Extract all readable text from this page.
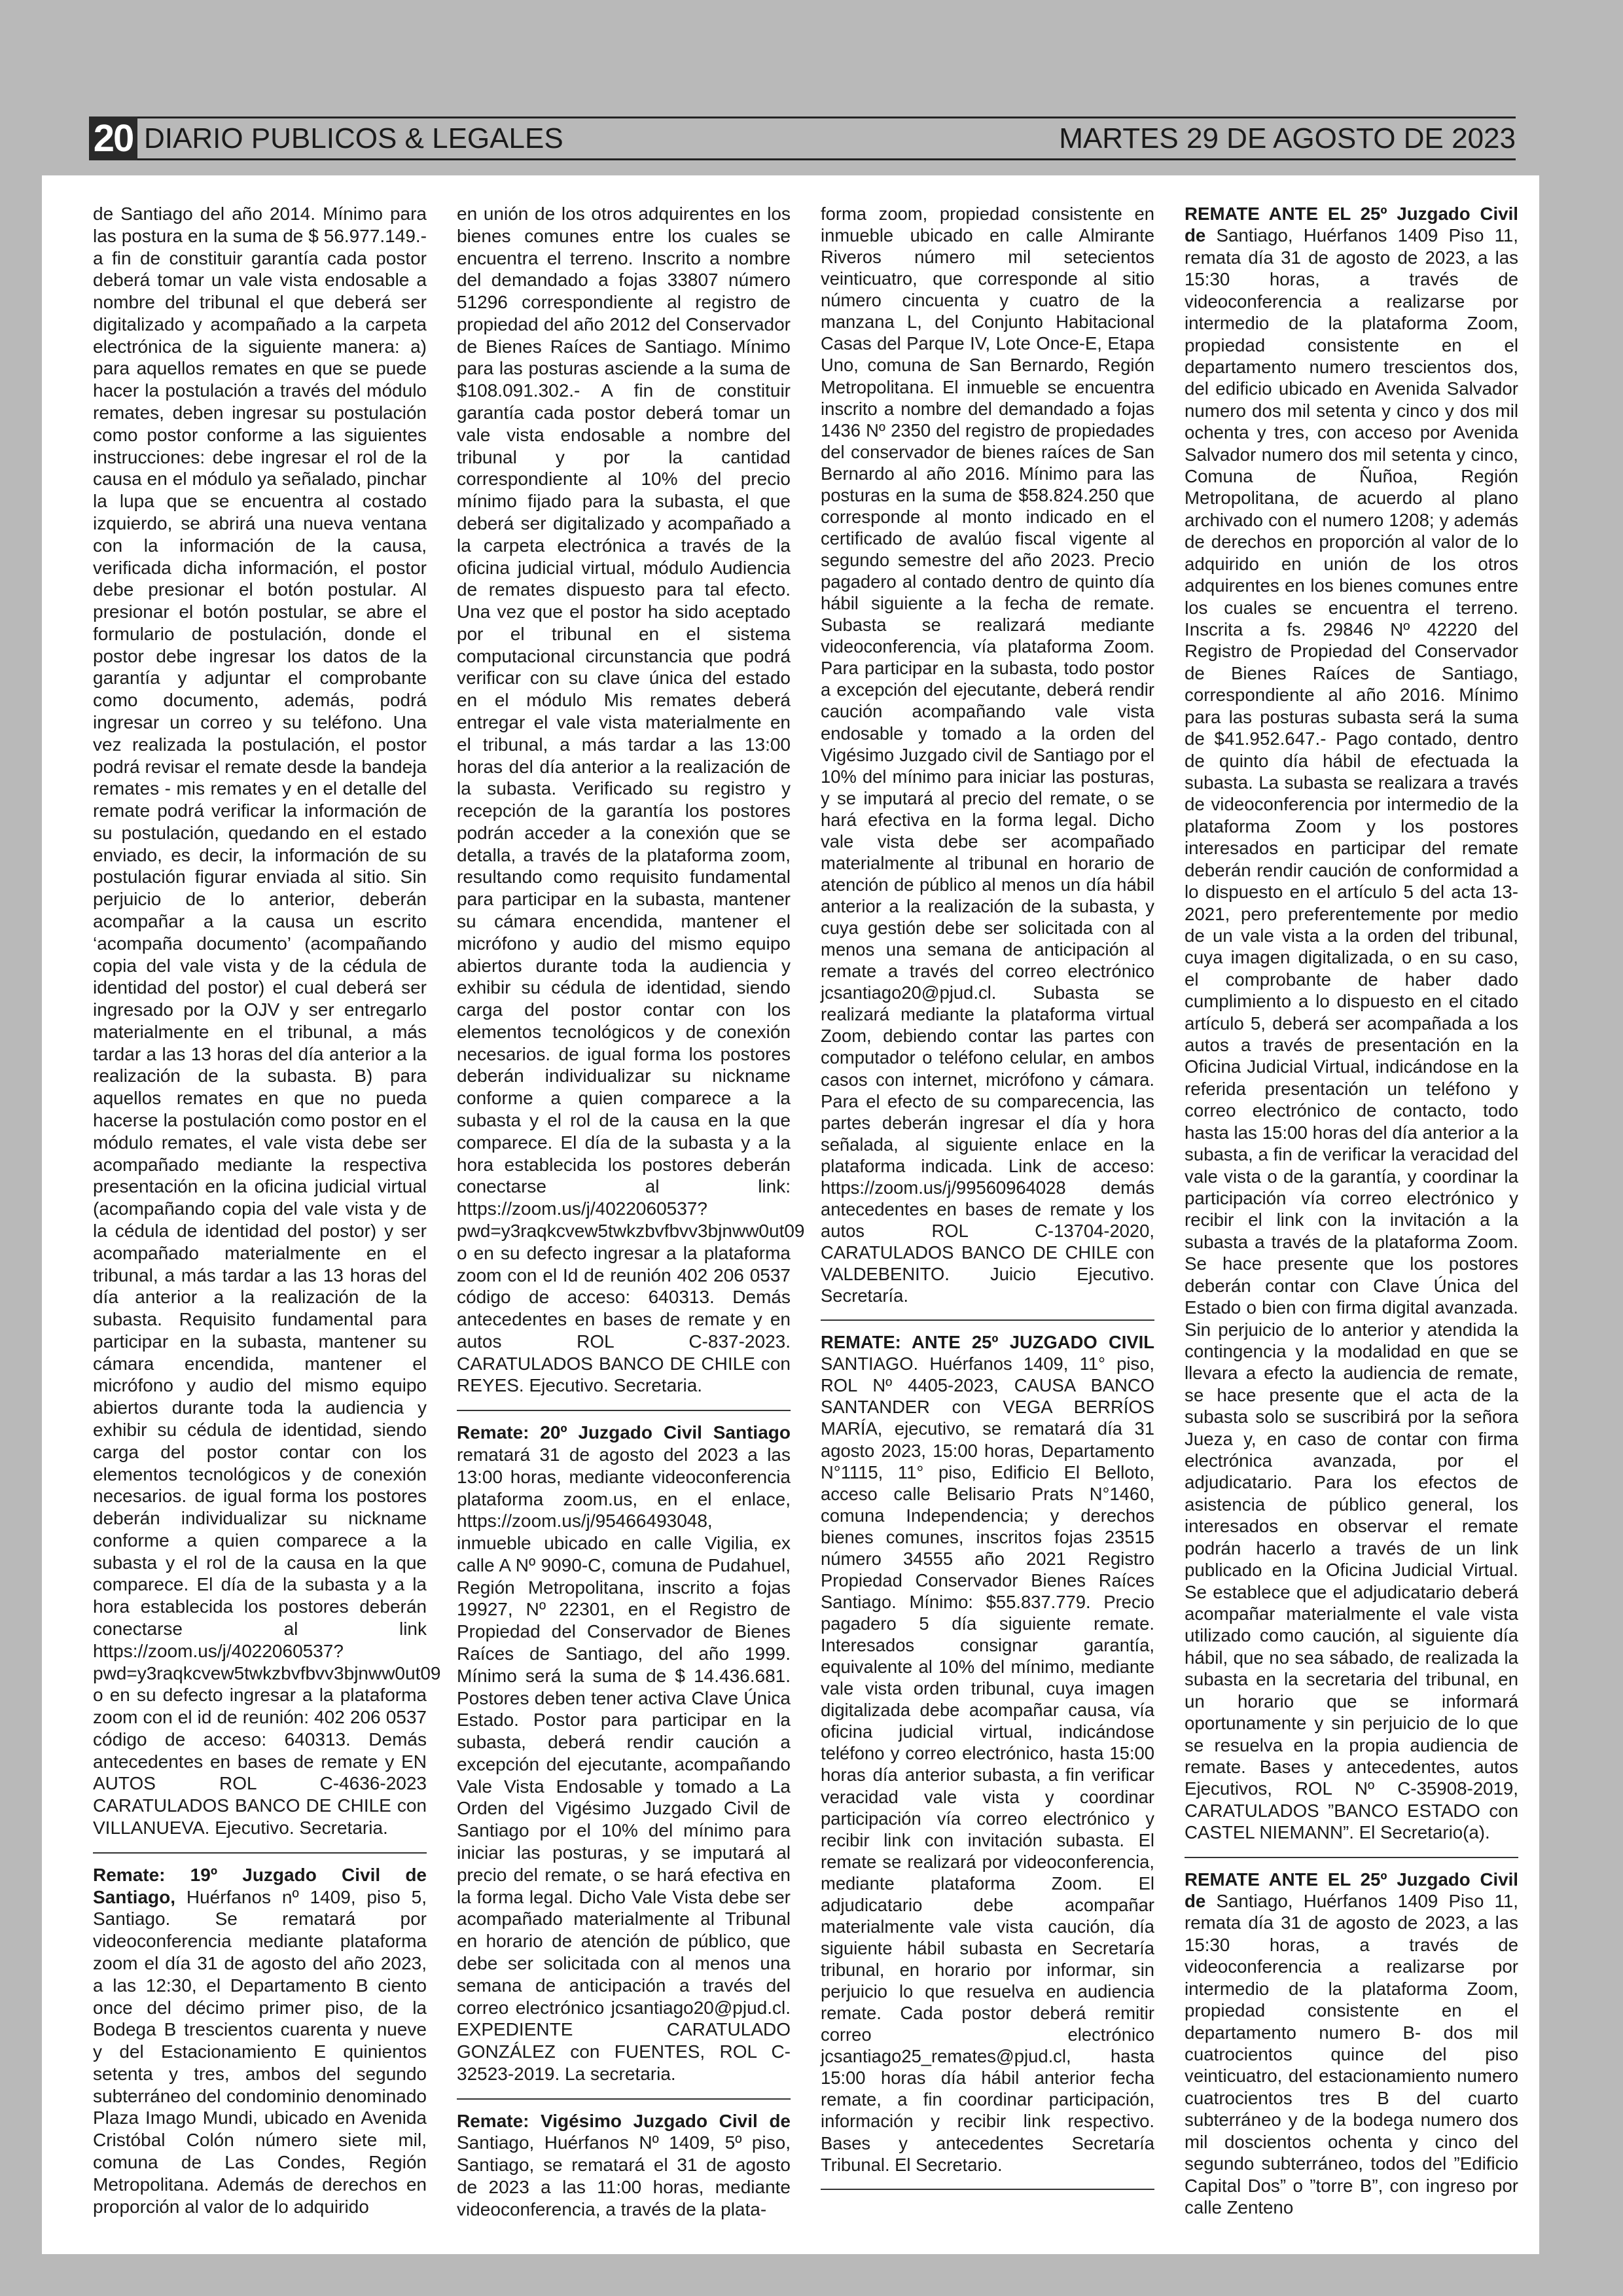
20 DIARIO PUBLICOS & LEGALES	MARTES 29 DE AGOSTO DE 2023

de Santiago del año 2014. Mínimo para las postura en la suma de $ 56.977.149.- a fin de constituir garantía cada postor deberá tomar un vale vista endosable a nombre del tribunal el que deberá ser digitalizado y acompañado a la carpeta electrónica de la siguiente manera: a) para aquellos remates en que se puede hacer la postulación a través del módulo remates, deben ingresar su postulación como postor conforme a las siguientes instrucciones: debe ingresar el rol de la causa en el módulo ya señalado, pinchar la lupa que se encuentra al costado izquierdo, se abrirá una nueva ventana con la información de la causa, verificada dicha información, el postor debe presionar el botón postular. Al presionar el botón postular, se abre el formulario de postulación, donde el postor debe ingresar los datos de la garantía y adjuntar el comprobante como documento, además, podrá ingresar un correo y su teléfono. Una vez realizada la postulación, el postor podrá revisar el remate desde la bandeja remates - mis remates y en el detalle del remate podrá verificar la información de su postulación, quedando en el estado enviado, es decir, la información de su postulación figurar enviada al sitio. Sin perjuicio de lo anterior, deberán acompañar a la causa un escrito ‘acompaña documento’ (acompañando copia del vale vista y de la cédula de identidad del postor) el cual deberá ser ingresado por la OJV y ser entregarlo materialmente en el tribunal, a más tardar a las 13 horas del día anterior a la realización de la subasta. B) para aquellos remates en que no pueda hacerse la postulación como postor en el módulo remates, el vale vista debe ser acompañado mediante la respectiva presentación en la oficina judicial virtual (acompañando copia del vale vista y de la cédula de identidad del postor) y ser acompañado materialmente en el tribunal, a más tardar a las 13 horas del día anterior a la realización de la subasta. Requisito fundamental para participar en la subasta, mantener su cámara encendida, mantener el micrófono y audio del mismo equipo abiertos durante toda la audiencia y exhibir su cédula de identidad, siendo carga del postor contar con los elementos tecnológicos y de conexión necesarios. de igual forma los postores deberán individualizar su nickname conforme a quien comparece a la subasta y el rol de la causa en la que comparece. El día de la subasta y a la hora establecida los postores deberán conectarse al link https://zoom.us/j/4022060537?pwd=y3raqkcvew5twkzbvfbvv3bjnww0ut09 o en su defecto ingresar a la plataforma zoom con el id de reunión: 402 206 0537 código de acceso: 640313. Demás antecedentes en bases de remate y EN AUTOS ROL C-4636-2023 CARATULADOS BANCO DE CHILE con VILLANUEVA. Ejecutivo. Secretaria.

Remate: 19º Juzgado Civil de Santiago, Huérfanos nº 1409, piso 5, Santiago. Se rematará por videoconferencia mediante plataforma zoom el día 31 de agosto del año 2023, a las 12:30, el Departamento B ciento once del décimo primer piso, de la Bodega B trescientos cuarenta y nueve y del Estacionamiento E quinientos setenta y tres, ambos del segundo subterráneo del condominio denominado Plaza Imago Mundi, ubicado en Avenida Cristóbal Colón número siete mil, comuna de Las Condes, Región Metropolitana. Además de derechos en proporción al valor de lo adquirido

en unión de los otros adquirentes en los bienes comunes entre los cuales se encuentra el terreno. Inscrito a nombre del demandado a fojas 33807 número 51296 correspondiente al registro de propiedad del año 2012 del Conservador de Bienes Raíces de Santiago. Mínimo para las posturas asciende a la suma de $108.091.302.- A fin de constituir garantía cada postor deberá tomar un vale vista endosable a nombre del tribunal y por la cantidad correspondiente al 10% del precio mínimo fijado para la subasta, el que deberá ser digitalizado y acompañado a la carpeta electrónica a través de la oficina judicial virtual, módulo Audiencia de remates dispuesto para tal efecto. Una vez que el postor ha sido aceptado por el tribunal en el sistema computacional circunstancia que podrá verificar con su clave única del estado en el módulo Mis remates deberá entregar el vale vista materialmente en el tribunal, a más tardar a las 13:00 horas del día anterior a la realización de la subasta. Verificado su registro y recepción de la garantía los postores podrán acceder a la conexión que se detalla, a través de la plataforma zoom, resultando como requisito fundamental para participar en la subasta, mantener su cámara encendida, mantener el micrófono y audio del mismo equipo abiertos durante toda la audiencia y exhibir su cédula de identidad, siendo carga del postor contar con los elementos tecnológicos y de conexión necesarios. de igual forma los postores deberán individualizar su nickname conforme a quien comparece a la subasta y el rol de la causa en la que comparece. El día de la subasta y a la hora establecida los postores deberán conectarse al link: https://zoom.us/j/4022060537?pwd=y3raqkcvew5twkzbvfbvv3bjnww0ut09 o en su defecto ingresar a la plataforma zoom con el Id de reunión 402 206 0537 código de acceso: 640313. Demás antecedentes en bases de remate y en autos ROL C-837-2023. CARATULADOS BANCO DE CHILE con REYES. Ejecutivo. Secretaria.

Remate: 20º Juzgado Civil Santiago rematará 31 de agosto del 2023 a las 13:00 horas, mediante videoconferencia plataforma zoom.us, en el enlace, https://zoom.us/j/95466493048, inmueble ubicado en calle Vigilia, ex calle A Nº 9090-C, comuna de Pudahuel, Región Metropolitana, inscrito a fojas 19927, Nº 22301, en el Registro de Propiedad del Conservador de Bienes Raíces de Santiago, del año 1999. Mínimo será la suma de $ 14.436.681. Postores deben tener activa Clave Única Estado. Postor para participar en la subasta, deberá rendir caución a excepción del ejecutante, acompañando Vale Vista Endosable y tomado a La Orden del Vigésimo Juzgado Civil de Santiago por el 10% del mínimo para iniciar las posturas, y se imputará al precio del remate, o se hará efectiva en la forma legal. Dicho Vale Vista debe ser acompañado materialmente al Tribunal en horario de atención de público, que debe ser solicitada con al menos una semana de anticipación a través del correo electrónico jcsantiago20@pjud.cl. EXPEDIENTE CARATULADO GONZÁLEZ con FUENTES, ROL C-32523-2019. La secretaria.

Remate: Vigésimo Juzgado Civil de Santiago, Huérfanos Nº 1409, 5º piso, Santiago, se rematará el 31 de agosto de 2023 a las 11:00 horas, mediante videoconferencia, a través de la plata-

forma zoom, propiedad consistente en inmueble ubicado en calle Almirante Riveros número mil setecientos veinticuatro, que corresponde al sitio número cincuenta y cuatro de la manzana L, del Conjunto Habitacional Casas del Parque IV, Lote Once-E, Etapa Uno, comuna de San Bernardo, Región Metropolitana. El inmueble se encuentra inscrito a nombre del demandado a fojas 1436 Nº 2350 del registro de propiedades del conservador de bienes raíces de San Bernardo al año 2016. Mínimo para las posturas en la suma de $58.824.250 que corresponde al monto indicado en el certificado de avalúo fiscal vigente al segundo semestre del año 2023. Precio pagadero al contado dentro de quinto día hábil siguiente a la fecha de remate. Subasta se realizará mediante videoconferencia, vía plataforma Zoom. Para participar en la subasta, todo postor a excepción del ejecutante, deberá rendir caución acompañando vale vista endosable y tomado a la orden del Vigésimo Juzgado civil de Santiago por el 10% del mínimo para iniciar las posturas, y se imputará al precio del remate, o se hará efectiva en la forma legal. Dicho vale vista debe ser acompañado materialmente al tribunal en horario de atención de público al menos un día hábil anterior a la realización de la subasta, y cuya gestión debe ser solicitada con al menos una semana de anticipación al remate a través del correo electrónico jcsantiago20@pjud.cl. Subasta se realizará mediante la plataforma virtual Zoom, debiendo contar las partes con computador o teléfono celular, en ambos casos con internet, micrófono y cámara. Para el efecto de su comparecencia, las partes deberán ingresar el día y hora señalada, al siguiente enlace en la plataforma indicada. Link de acceso: https://zoom.us/j/99560964028 demás antecedentes en bases de remate y los autos ROL C-13704-2020, CARATULADOS BANCO DE CHILE con VALDEBENITO. Juicio Ejecutivo. Secretaría.

REMATE: ANTE 25º JUZGADO CIVIL SANTIAGO. Huérfanos 1409, 11° piso, ROL Nº 4405-2023, CAUSA BANCO SANTANDER con VEGA BERRÍOS MARÍA, ejecutivo, se rematará día 31 agosto 2023, 15:00 horas, Departamento N°1115, 11° piso, Edificio El Belloto, acceso calle Belisario Prats N°1460, comuna Independencia; y derechos bienes comunes, inscritos fojas 23515 número 34555 año 2021 Registro Propiedad Conservador Bienes Raíces Santiago. Mínimo: $55.837.779. Precio pagadero 5 día siguiente remate. Interesados consignar garantía, equivalente al 10% del mínimo, mediante vale vista orden tribunal, cuya imagen digitalizada debe acompañar causa, vía oficina judicial virtual, indicándose teléfono y correo electrónico, hasta 15:00 horas día anterior subasta, a fin verificar veracidad vale vista y coordinar participación vía correo electrónico y recibir link con invitación subasta. El remate se realizará por videoconferencia, mediante plataforma Zoom. El adjudicatario debe acompañar materialmente vale vista caución, día siguiente hábil subasta en Secretaría tribunal, en horario por informar, sin perjuicio lo que resuelva en audiencia remate. Cada postor deberá remitir correo electrónico jcsantiago25_remates@pjud.cl, hasta 15:00 horas día hábil anterior fecha remate, a fin coordinar participación, información y recibir link respectivo. Bases y antecedentes Secretaría Tribunal. El Secretario.

REMATE ANTE EL 25º Juzgado Civil de Santiago, Huérfanos 1409 Piso 11, remata día 31 de agosto de 2023, a las 15:30 horas, a través de videoconferencia a realizarse por intermedio de la plataforma Zoom, propiedad consistente en el departamento numero trescientos dos, del edificio ubicado en Avenida Salvador numero dos mil setenta y cinco y dos mil ochenta y tres, con acceso por Avenida Salvador numero dos mil setenta y cinco, Comuna de Ñuñoa, Región Metropolitana, de acuerdo al plano archivado con el numero 1208; y además de derechos en proporción al valor de lo adquirido en unión de los otros adquirentes en los bienes comunes entre los cuales se encuentra el terreno. Inscrita a fs. 29846 Nº 42220 del Registro de Propiedad del Conservador de Bienes Raíces de Santiago, correspondiente al año 2016. Mínimo para las posturas subasta será la suma de $41.952.647.- Pago contado, dentro de quinto día hábil de efectuada la subasta. La subasta se realizara a través de videoconferencia por intermedio de la plataforma Zoom y los postores interesados en participar del remate deberán rendir caución de conformidad a lo dispuesto en el artículo 5 del acta 13-2021, pero preferentemente por medio de un vale vista a la orden del tribunal, cuya imagen digitalizada, o en su caso, el comprobante de haber dado cumplimiento a lo dispuesto en el citado artículo 5, deberá ser acompañada a los autos a través de presentación en la Oficina Judicial Virtual, indicándose en la referida presentación un teléfono y correo electrónico de contacto, todo hasta las 15:00 horas del día anterior a la subasta, a fin de verificar la veracidad del vale vista o de la garantía, y coordinar la participación vía correo electrónico y recibir el link con la invitación a la subasta a través de la plataforma Zoom. Se hace presente que los postores deberán contar con Clave Única del Estado o bien con firma digital avanzada. Sin perjuicio de lo anterior y atendida la contingencia y la modalidad en que se llevara a efecto la audiencia de remate, se hace presente que el acta de la subasta solo se suscribirá por la señora Jueza y, en caso de contar con firma electrónica avanzada, por el adjudicatario. Para los efectos de asistencia de público general, los interesados en observar el remate podrán hacerlo a través de un link publicado en la Oficina Judicial Virtual. Se establece que el adjudicatario deberá acompañar materialmente el vale vista utilizado como caución, al siguiente día hábil, que no sea sábado, de realizada la subasta en la secretaria del tribunal, en un horario que se informará oportunamente y sin perjuicio de lo que se resuelva en la propia audiencia de remate. Bases y antecedentes, autos Ejecutivos, ROL Nº C-35908-2019, CARATULADOS ”BANCO ESTADO con CASTEL NIEMANN”. El Secretario(a).

REMATE ANTE EL 25º Juzgado Civil de Santiago, Huérfanos 1409 Piso 11, remata día 31 de agosto de 2023, a las 15:30 horas, a través de videoconferencia a realizarse por intermedio de la plataforma Zoom, propiedad consistente en el departamento numero B- dos mil cuatrocientos quince del piso veinticuatro, del estacionamiento numero cuatrocientos tres B del cuarto subterráneo y de la bodega numero dos mil doscientos ochenta y cinco del segundo subterráneo, todos del ”Edificio Capital Dos” o ”torre B”, con ingreso por calle Zenteno
